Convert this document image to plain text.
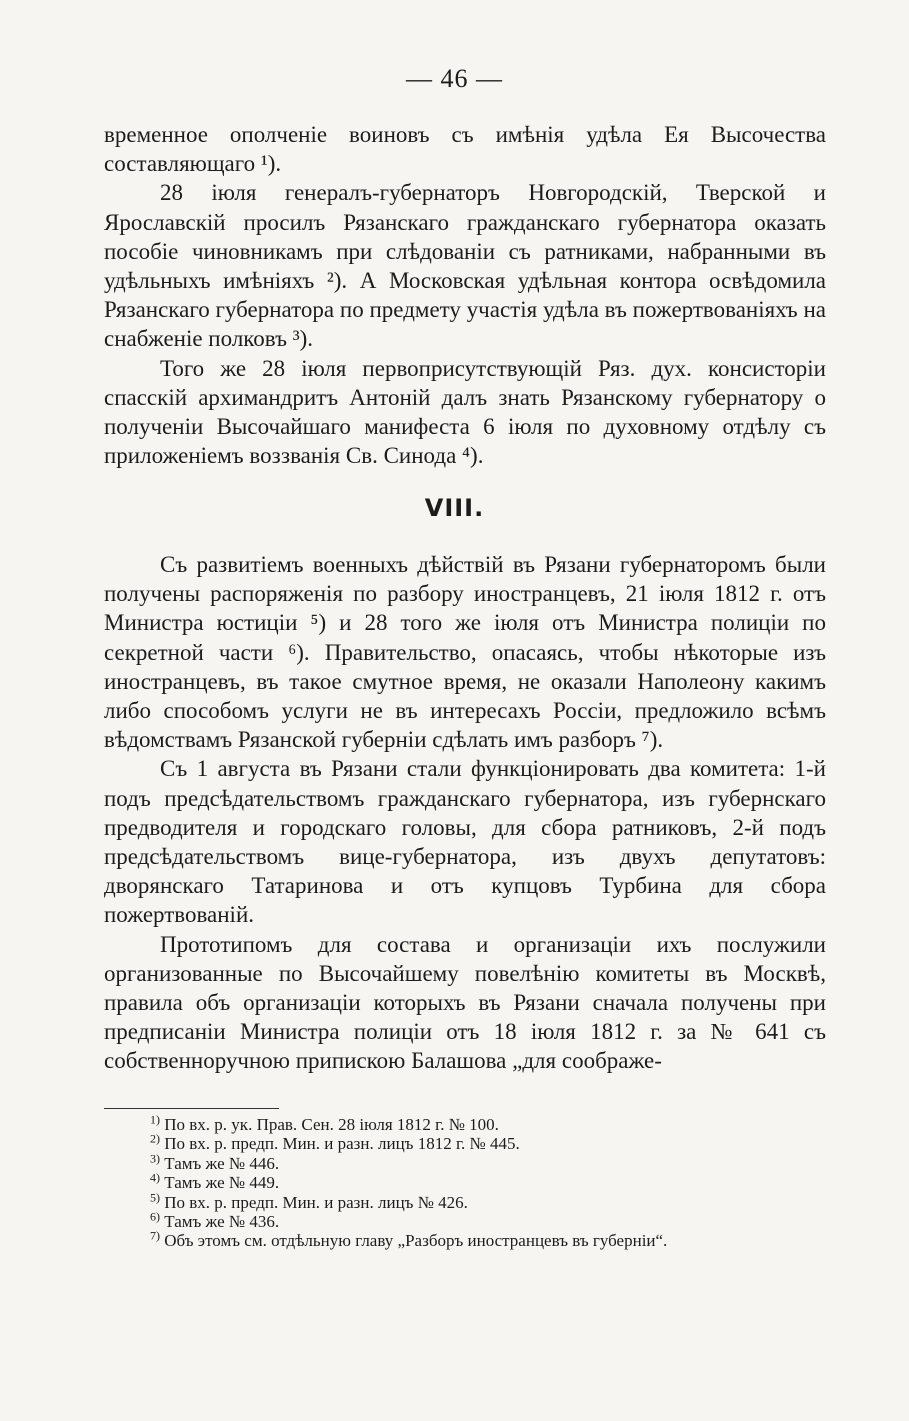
— 46 —

временное ополченіе воиновъ съ имѣнія удѣла Ея Высочества составляющаго ¹).

28 іюля генералъ-губернаторъ Новгородскій, Тверской и Ярославскій просилъ Рязанскаго гражданскаго губернатора оказать пособіе чиновникамъ при слѣдованіи съ ратниками, набранными въ удѣльныхъ имѣніяхъ ²). А Московская удѣльная контора освѣдомила Рязанскаго губернатора по предмету участія удѣла въ пожертвованіяхъ на снабженіе полковъ ³).

Того же 28 іюля первоприсутствующій Ряз. дух. консисторіи спасскій архимандритъ Антоній далъ знать Рязанскому губернатору о полученіи Высочайшаго манифеста 6 іюля по духовному отдѣлу съ приложеніемъ воззванія Св. Синода ⁴).

VIII.

Съ развитіемъ военныхъ дѣйствій въ Рязани губернаторомъ были получены распоряженія по разбору иностранцевъ, 21 іюля 1812 г. отъ Министра юстиціи ⁵) и 28 того же іюля отъ Министра полиціи по секретной части ⁶). Правительство, опасаясь, чтобы нѣкоторые изъ иностранцевъ, въ такое смутное время, не оказали Наполеону какимъ либо способомъ услуги не въ интересахъ Россіи, предложило всѣмъ вѣдомствамъ Рязанской губерніи сдѣлать имъ разборъ ⁷).

Съ 1 августа въ Рязани стали функціонировать два комитета: 1-й подъ предсѣдательствомъ гражданскаго губернатора, изъ губернскаго предводителя и городскаго головы, для сбора ратниковъ, 2-й подъ предсѣдательствомъ вице-губернатора, изъ двухъ депутатовъ: дворянскаго Татаринова и отъ купцовъ Турбина для сбора пожертвованій.

Прототипомъ для состава и организаціи ихъ послужили организованные по Высочайшему повелѣнію комитеты въ Москвѣ, правила объ организаціи которыхъ въ Рязани сначала получены при предписаніи Министра полиціи отъ 18 іюля 1812 г. за № 641 съ собственноручною припискою Балашова „для соображе-

$^{1)}$ По вх. р. ук. Прав. Сен. 28 іюля 1812 г. № 100.
$^{2)}$ По вх. р. предп. Мин. и разн. лицъ 1812 г. № 445.
$^{3)}$ Тамъ же № 446.
$^{4)}$ Тамъ же № 449.
$^{5)}$ По вх. р. предп. Мин. и разн. лицъ № 426.
$^{6)}$ Тамъ же № 436.
$^{7)}$ Объ этомъ см. отдѣльную главу „Разборъ иностранцевъ въ губерніи“.
